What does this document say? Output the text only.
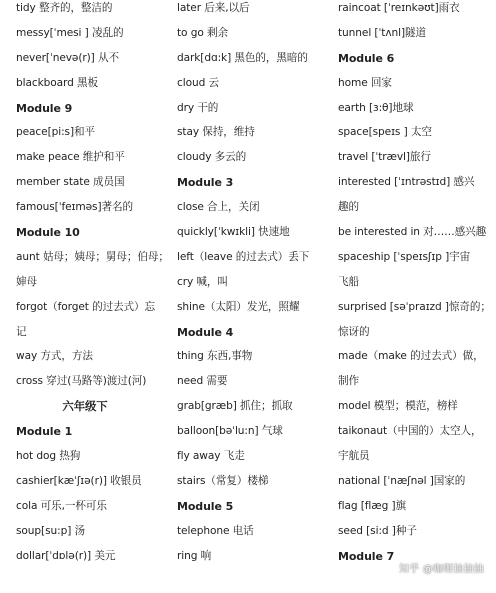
tidy 整齐的，整洁的
messy[ˈmesi ] 凌乱的
never[ˈnevə(r)] 从不
blackboard 黑板
Module 9
peace[pi:s]和平
make peace 维护和平
member state 成员国
famous[ˈfeɪməs]著名的
Module 10
aunt 姑母；姨母；舅母；伯母；
婶母
forgot（forget 的过去式）忘
记
way 方式，方法
cross 穿过(马路等)渡过(河)
六年级下
Module 1
hot dog 热狗
cashier[kæˈʃɪə(r)] 收银员
cola 可乐,一杯可乐
soup[su:p] 汤
dollar[ˈdɒlə(r)] 美元
later 后来,以后
to go 剩余
dark[dɑ:k] 黑色的，黑暗的
cloud 云
dry 干的
stay 保持，维持
cloudy 多云的
Module 3
close 合上，关闭
quickly[ˈkwɪkli] 快速地
left（leave 的过去式）丢下
cry 喊，叫
shine（太阳）发光，照耀
Module 4
thing 东西,事物
need 需要
grab[græb] 抓住；抓取
balloon[bəˈlu:n] 气球
fly away 飞走
stairs（常复）楼梯
Module 5
telephone 电话
ring 响
raincoat [ˈreɪnkəʊt]雨衣
tunnel [ˈtʌnl]隧道
Module 6
home 回家
earth [ɜ:θ]地球
space[speɪs ] 太空
travel [ˈtrævl]旅行
interested [ˈɪntrəstɪd] 感兴
趣的
be interested in 对……感兴趣
spaceship [ˈspeɪsʃɪp ]宇宙
飞船
surprised [səˈpraɪzd ]惊奇的；
惊讶的
made（make 的过去式）做，
制作
model 模型；模范，榜样
taikonaut（中国的）太空人，
宇航员
national [ˈnæʃnəl ]国家的
flag [flæg ]旗
seed [si:d ]种子
Module 7
知乎 @咖喱抽抽抽
